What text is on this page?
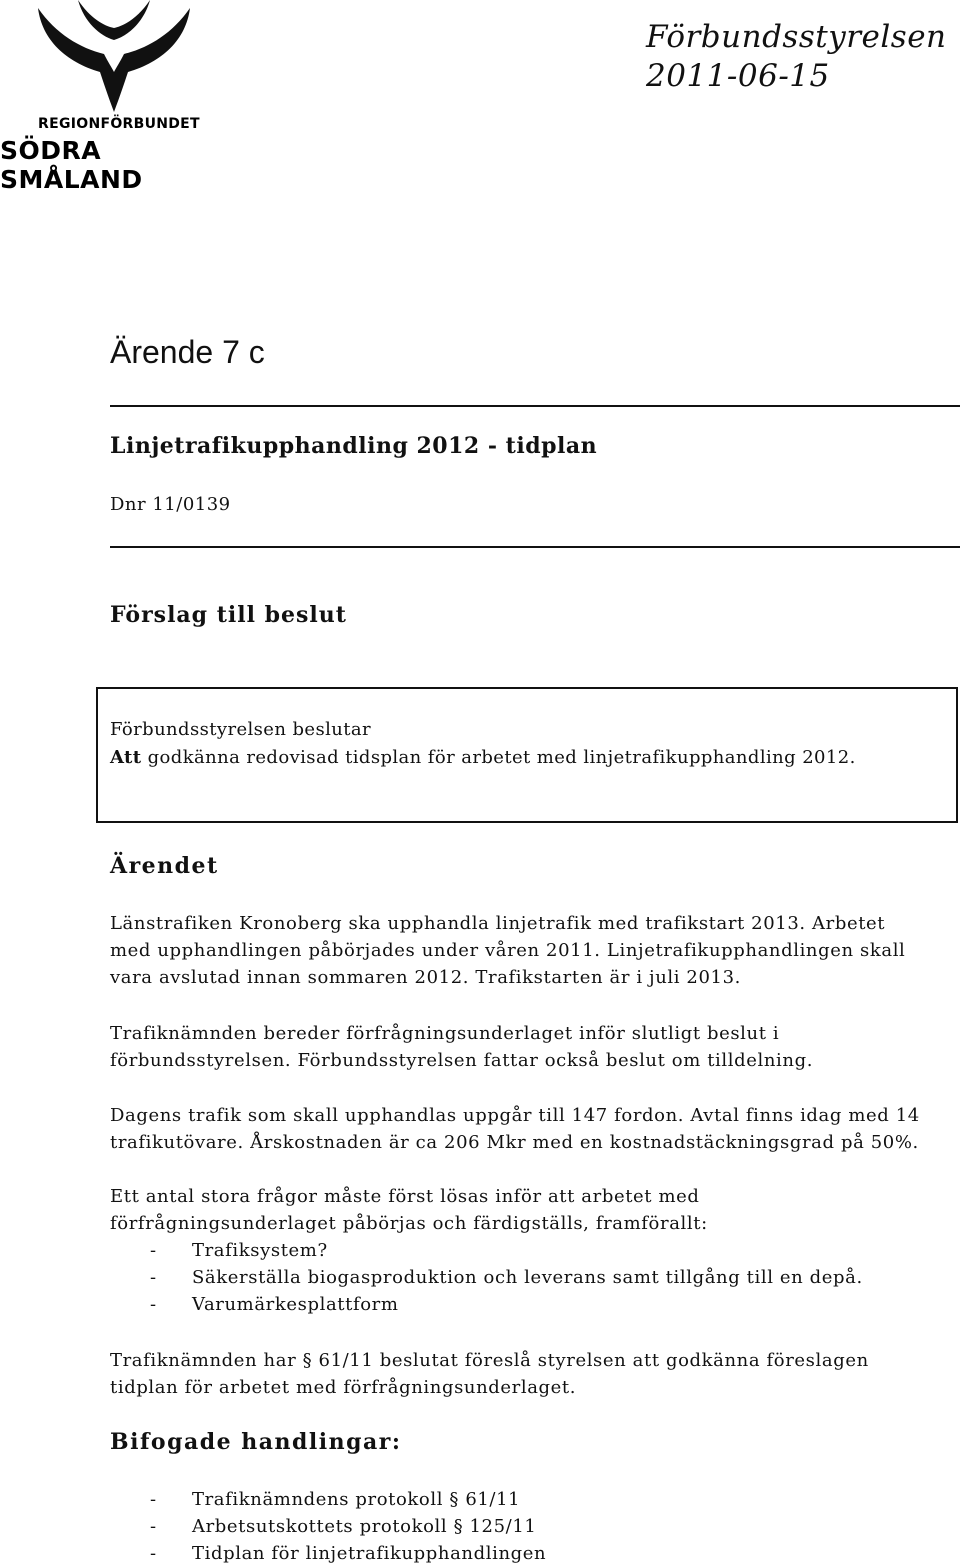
REGIONFÖRBUNDET
SÖDRA SMÅLAND
Förbundsstyrelsen
2011-06-15
Ärende 7 c
Linjetrafikupphandling 2012 - tidplan
Dnr 11/0139
Förslag till beslut
Förbundsstyrelsen beslutar
Att godkänna redovisad tidsplan för arbetet med linjetrafikupphandling 2012.
Ärendet

Länstrafiken Kronoberg ska upphandla linjetrafik med trafikstart 2013. Arbetet

med upphandlingen påbörjades under våren 2011. Linjetrafikupphandlingen skall

vara avslutad innan sommaren 2012. Trafikstarten är i juli 2013.

Trafiknämnden bereder förfrågningsunderlaget inför slutligt beslut i

förbundsstyrelsen. Förbundsstyrelsen fattar också beslut om tilldelning.

Dagens trafik som skall upphandlas uppgår till 147 fordon. Avtal finns idag med 14

trafikutövare. Årskostnaden är ca 206 Mkr med en kostnadstäckningsgrad på 50%.

Ett antal stora frågor måste först lösas inför att arbetet med

förfrågningsunderlaget påbörjas och färdigställs, framförallt:

- Trafiksystem?
- Säkerställa biogasproduktion och leverans samt tillgång till en depå.
- Varumärkesplattform

Trafiknämnden har § 61/11 beslutat föreslå styrelsen att godkänna föreslagen

tidplan för arbetet med förfrågningsunderlaget.

Bifogade handlingar:
- Trafiknämndens protokoll § 61/11
- Arbetsutskottets protokoll § 125/11
- Tidplan för linjetrafikupphandlingen
